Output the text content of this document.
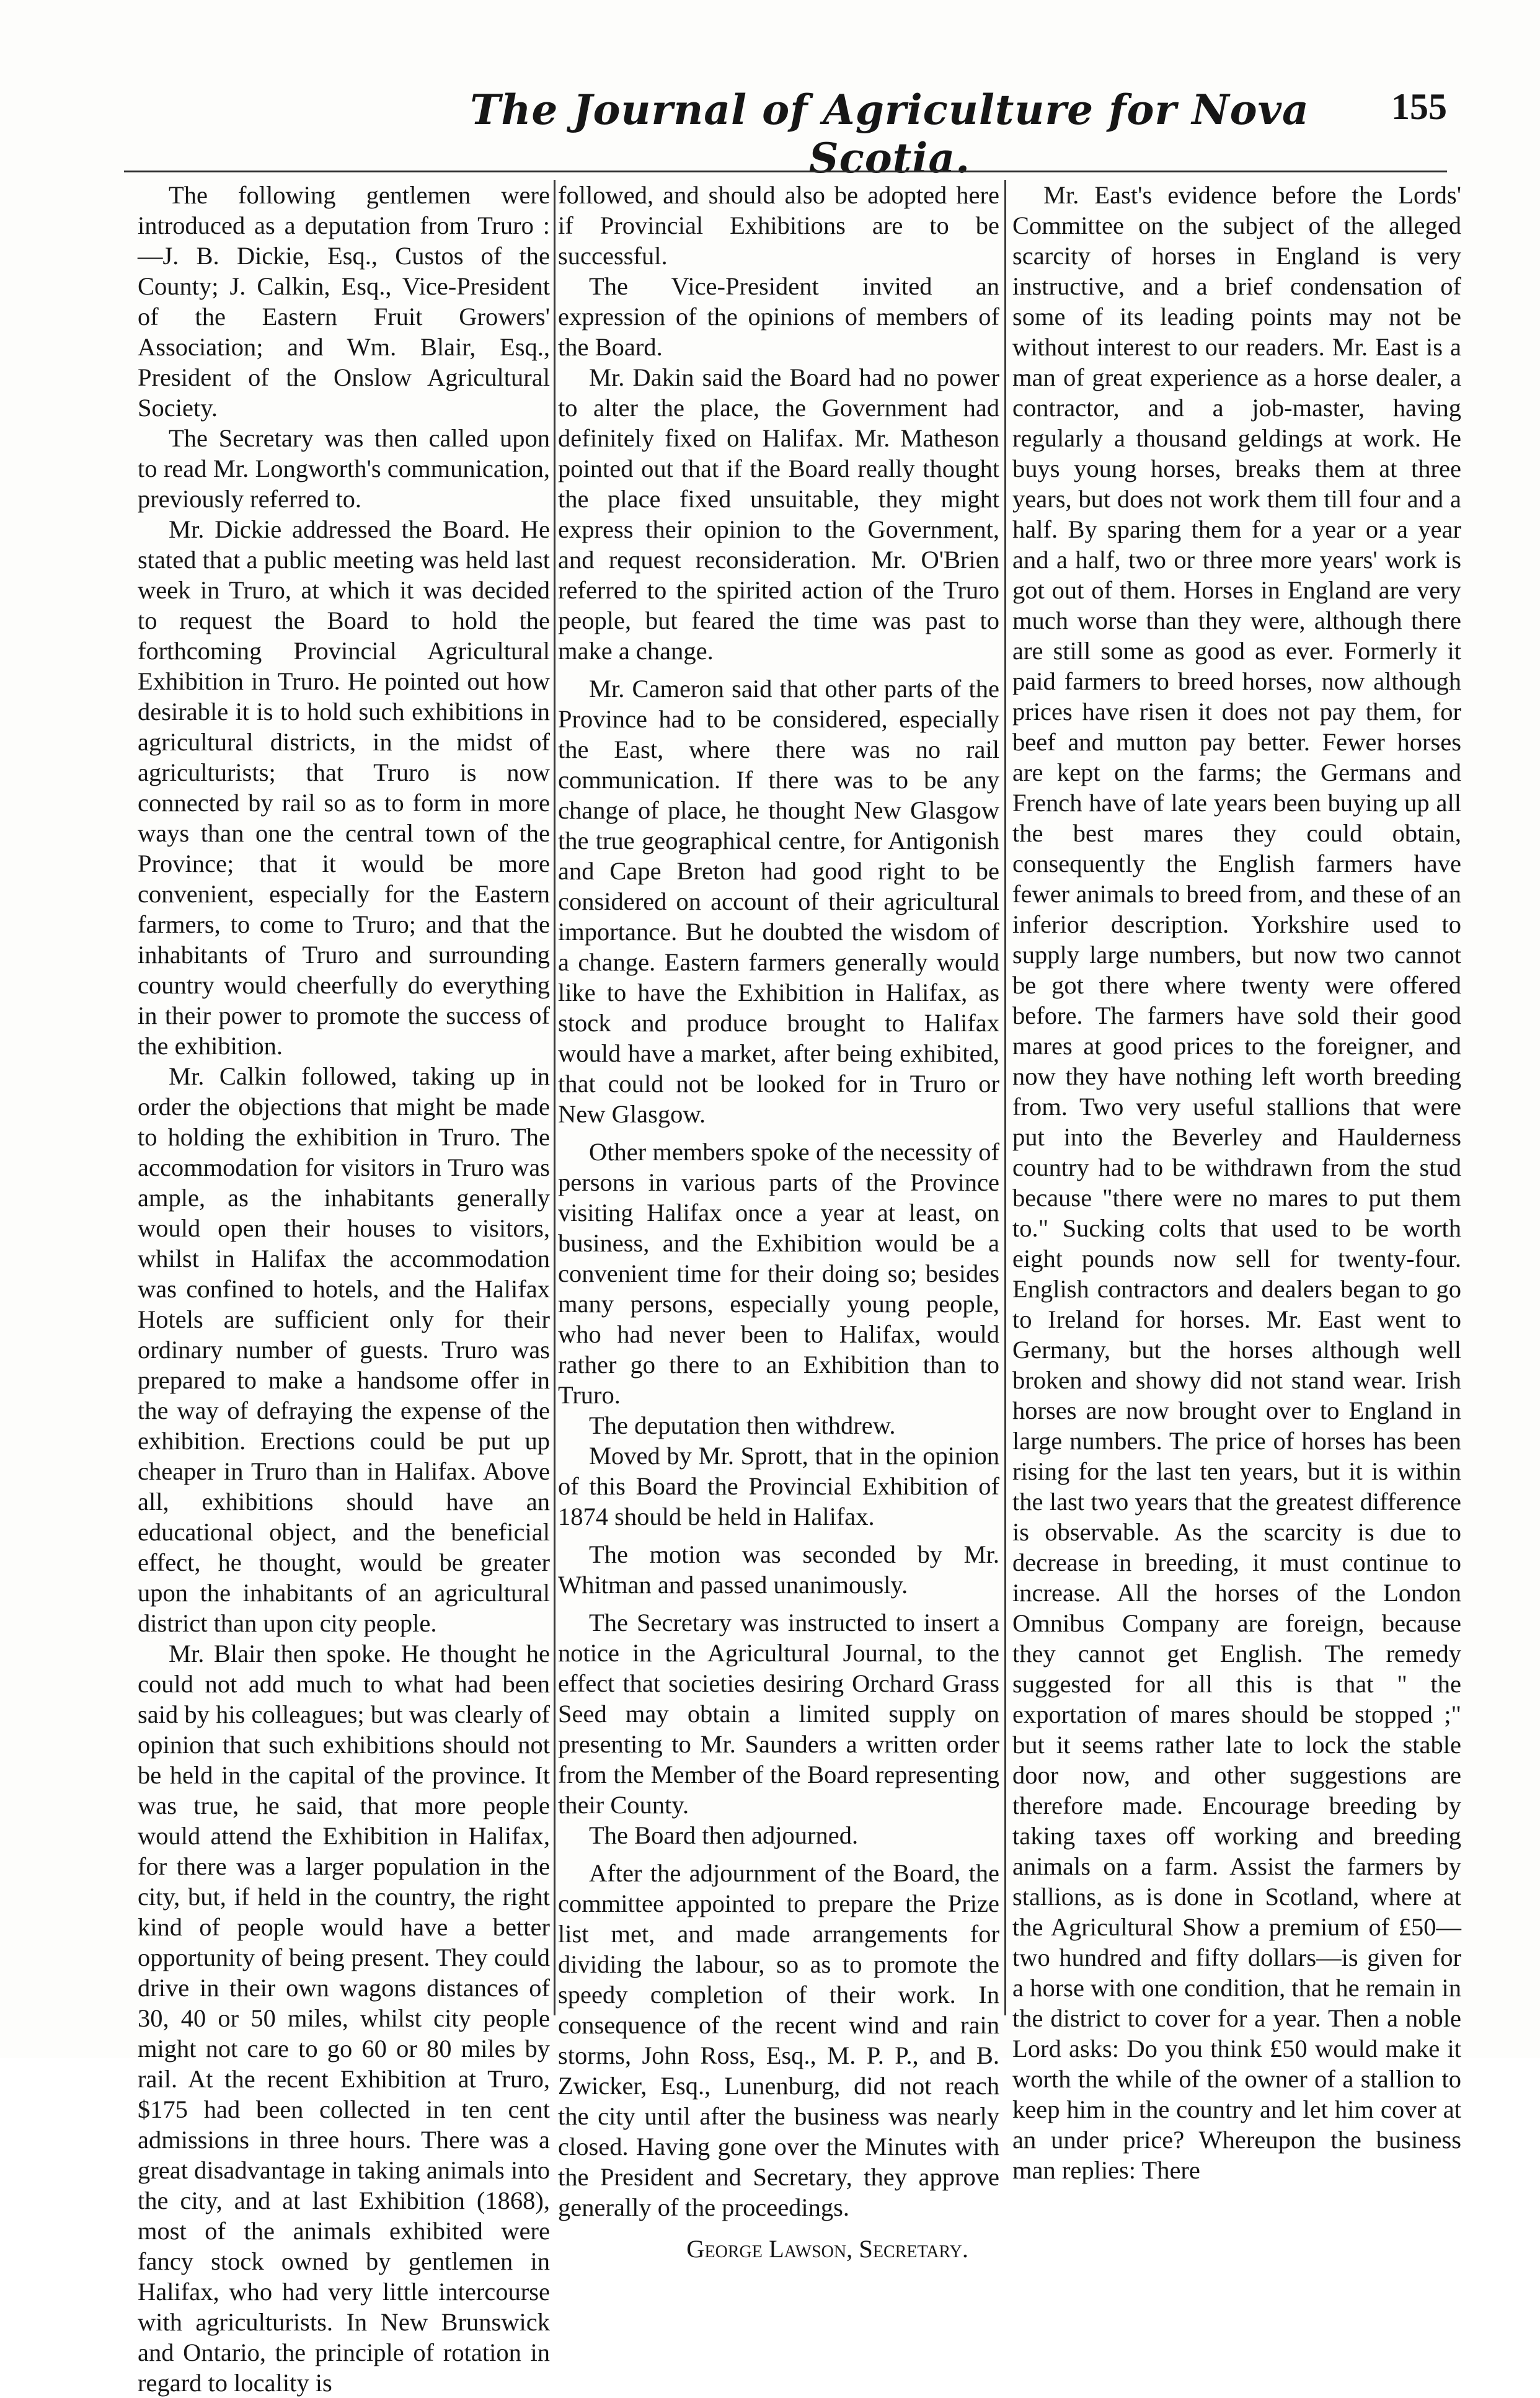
The Journal of Agriculture for Nova Scotia.
155

The following gentlemen were introduced as a deputation from Truro :—J. B. Dickie, Esq., Custos of the County; J. Calkin, Esq., Vice-President of the Eastern Fruit Growers' Association; and Wm. Blair, Esq., President of the Onslow Agricultural Society.

The Secretary was then called upon to read Mr. Longworth's communication, previously referred to.

Mr. Dickie addressed the Board. He stated that a public meeting was held last week in Truro, at which it was decided to request the Board to hold the forthcoming Provincial Agricultural Exhibition in Truro. He pointed out how desirable it is to hold such exhibitions in agricultural districts, in the midst of agriculturists; that Truro is now connected by rail so as to form in more ways than one the central town of the Province; that it would be more convenient, especially for the Eastern farmers, to come to Truro; and that the inhabitants of Truro and surrounding country would cheerfully do everything in their power to promote the success of the exhibition.

Mr. Calkin followed, taking up in order the objections that might be made to holding the exhibition in Truro. The accommodation for visitors in Truro was ample, as the inhabitants generally would open their houses to visitors, whilst in Halifax the accommodation was confined to hotels, and the Halifax Hotels are sufficient only for their ordinary number of guests. Truro was prepared to make a handsome offer in the way of defraying the expense of the exhibition. Erections could be put up cheaper in Truro than in Halifax. Above all, exhibitions should have an educational object, and the beneficial effect, he thought, would be greater upon the inhabitants of an agricultural district than upon city people.

Mr. Blair then spoke. He thought he could not add much to what had been said by his colleagues; but was clearly of opinion that such exhibitions should not be held in the capital of the province. It was true, he said, that more people would attend the Exhibition in Halifax, for there was a larger population in the city, but, if held in the country, the right kind of people would have a better opportunity of being present. They could drive in their own wagons distances of 30, 40 or 50 miles, whilst city people might not care to go 60 or 80 miles by rail. At the recent Exhibition at Truro, $175 had been collected in ten cent admissions in three hours. There was a great disadvantage in taking animals into the city, and at last Exhibition (1868), most of the animals exhibited were fancy stock owned by gentlemen in Halifax, who had very little intercourse with agriculturists. In New Brunswick and Ontario, the principle of rotation in regard to locality is

followed, and should also be adopted here if Provincial Exhibitions are to be successful.

The Vice-President invited an expression of the opinions of members of the Board.

Mr. Dakin said the Board had no power to alter the place, the Government had definitely fixed on Halifax. Mr. Matheson pointed out that if the Board really thought the place fixed unsuitable, they might express their opinion to the Government, and request reconsideration. Mr. O'Brien referred to the spirited action of the Truro people, but feared the time was past to make a change.

Mr. Cameron said that other parts of the Province had to be considered, especially the East, where there was no rail communication. If there was to be any change of place, he thought New Glasgow the true geographical centre, for Antigonish and Cape Breton had good right to be considered on account of their agricultural importance. But he doubted the wisdom of a change. Eastern farmers generally would like to have the Exhibition in Halifax, as stock and produce brought to Halifax would have a market, after being exhibited, that could not be looked for in Truro or New Glasgow.

Other members spoke of the necessity of persons in various parts of the Province visiting Halifax once a year at least, on business, and the Exhibition would be a convenient time for their doing so; besides many persons, especially young people, who had never been to Halifax, would rather go there to an Exhibition than to Truro.

The deputation then withdrew.

Moved by Mr. Sprott, that in the opinion of this Board the Provincial Exhibition of 1874 should be held in Halifax.

The motion was seconded by Mr. Whitman and passed unanimously.

The Secretary was instructed to insert a notice in the Agricultural Journal, to the effect that societies desiring Orchard Grass Seed may obtain a limited supply on presenting to Mr. Saunders a written order from the Member of the Board representing their County.

The Board then adjourned.

After the adjournment of the Board, the committee appointed to prepare the Prize list met, and made arrangements for dividing the labour, so as to promote the speedy completion of their work. In consequence of the recent wind and rain storms, John Ross, Esq., M. P. P., and B. Zwicker, Esq., Lunenburg, did not reach the city until after the business was nearly closed. Having gone over the Minutes with the President and Secretary, they approve generally of the proceedings.

George Lawson, Secretary.

Mr. East's evidence before the Lords' Committee on the subject of the alleged scarcity of horses in England is very instructive, and a brief condensation of some of its leading points may not be without interest to our readers. Mr. East is a man of great experience as a horse dealer, a contractor, and a job-master, having regularly a thousand geldings at work. He buys young horses, breaks them at three years, but does not work them till four and a half. By sparing them for a year or a year and a half, two or three more years' work is got out of them. Horses in England are very much worse than they were, although there are still some as good as ever. Formerly it paid farmers to breed horses, now although prices have risen it does not pay them, for beef and mutton pay better. Fewer horses are kept on the farms; the Germans and French have of late years been buying up all the best mares they could obtain, consequently the English farmers have fewer animals to breed from, and these of an inferior description. Yorkshire used to supply large numbers, but now two cannot be got there where twenty were offered before. The farmers have sold their good mares at good prices to the foreigner, and now they have nothing left worth breeding from. Two very useful stallions that were put into the Beverley and Haulderness country had to be withdrawn from the stud because "there were no mares to put them to." Sucking colts that used to be worth eight pounds now sell for twenty-four. English contractors and dealers began to go to Ireland for horses. Mr. East went to Germany, but the horses although well broken and showy did not stand wear. Irish horses are now brought over to England in large numbers. The price of horses has been rising for the last ten years, but it is within the last two years that the greatest difference is observable. As the scarcity is due to decrease in breeding, it must continue to increase. All the horses of the London Omnibus Company are foreign, because they cannot get English. The remedy suggested for all this is that " the exportation of mares should be stopped ;" but it seems rather late to lock the stable door now, and other suggestions are therefore made. Encourage breeding by taking taxes off working and breeding animals on a farm. Assist the farmers by stallions, as is done in Scotland, where at the Agricultural Show a premium of £50—two hundred and fifty dollars—is given for a horse with one condition, that he remain in the district to cover for a year. Then a noble Lord asks: Do you think £50 would make it worth the while of the owner of a stallion to keep him in the country and let him cover at an under price? Whereupon the business man replies: There
